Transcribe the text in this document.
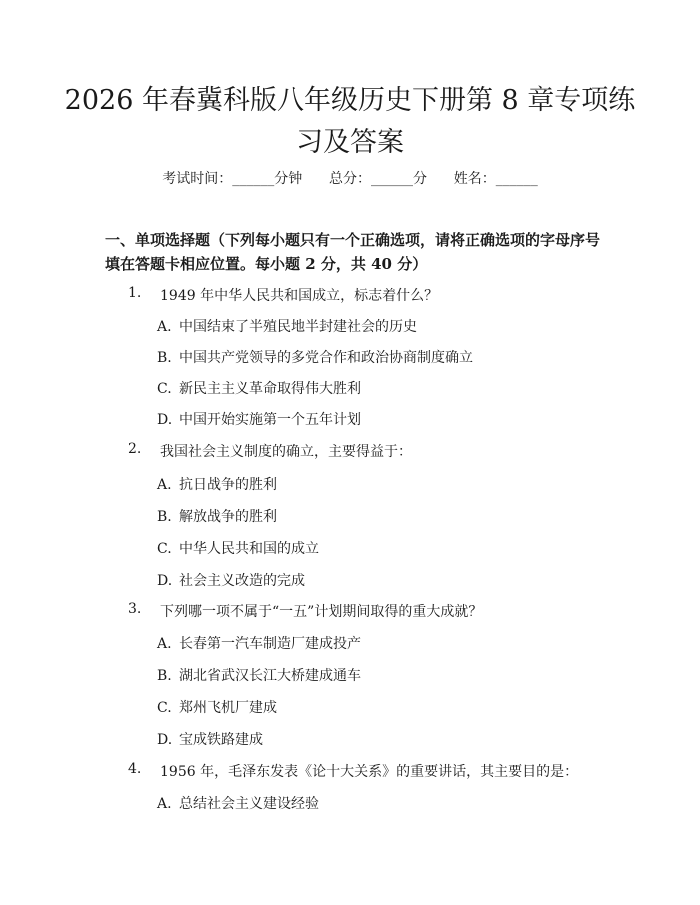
2026 年春冀科版八年级历史下册第 8 章专项练习及答案
考试时间：______分钟 总分：______分 姓名：______

一、单项选择题（下列每小题只有一个正确选项，请将正确选项的字母序号填在答题卡相应位置。每小题 2 分，共 40 分）

1. 1949 年中华人民共和国成立，标志着什么？
A. 中国结束了半殖民地半封建社会的历史
B. 中国共产党领导的多党合作和政治协商制度确立
C. 新民主主义革命取得伟大胜利
D. 中国开始实施第一个五年计划
2. 我国社会主义制度的确立，主要得益于：
A. 抗日战争的胜利
B. 解放战争的胜利
C. 中华人民共和国的成立
D. 社会主义改造的完成
3. 下列哪一项不属于“一五”计划期间取得的重大成就？
A. 长春第一汽车制造厂建成投产
B. 湖北省武汉长江大桥建成通车
C. 郑州飞机厂建成
D. 宝成铁路建成
4. 1956 年，毛泽东发表《论十大关系》的重要讲话，其主要目的是：
A. 总结社会主义建设经验
